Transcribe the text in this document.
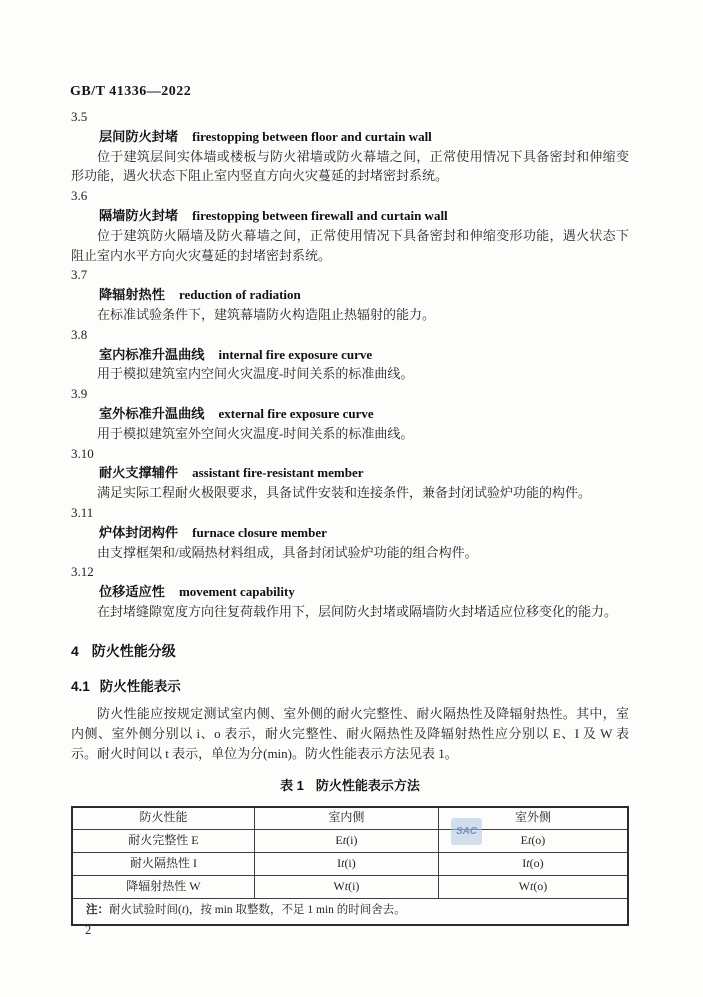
GB/T 41336—2022
3.5
层间防火封堵 firestopping between floor and curtain wall

位于建筑层间实体墙或楼板与防火裙墙或防火幕墙之间，正常使用情况下具备密封和伸缩变形功能，遇火状态下阻止室内竖直方向火灾蔓延的封堵密封系统。

3.6
隔墙防火封堵 firestopping between firewall and curtain wall

位于建筑防火隔墙及防火幕墙之间，正常使用情况下具备密封和伸缩变形功能，遇火状态下阻止室内水平方向火灾蔓延的封堵密封系统。

3.7
降辐射热性 reduction of radiation

在标准试验条件下，建筑幕墙防火构造阻止热辐射的能力。

3.8
室内标准升温曲线 internal fire exposure curve

用于模拟建筑室内空间火灾温度-时间关系的标准曲线。

3.9
室外标准升温曲线 external fire exposure curve

用于模拟建筑室外空间火灾温度-时间关系的标准曲线。

3.10
耐火支撑辅件 assistant fire-resistant member

满足实际工程耐火极限要求，具备试件安装和连接条件，兼备封闭试验炉功能的构件。

3.11
炉体封闭构件 furnace closure member

由支撑框架和/或隔热材料组成，具备封闭试验炉功能的组合构件。

3.12
位移适应性 movement capability

在封堵缝隙宽度方向往复荷载作用下，层间防火封堵或隔墙防火封堵适应位移变化的能力。

4 防火性能分级
4.1 防火性能表示

防火性能应按规定测试室内侧、室外侧的耐火完整性、耐火隔热性及降辐射热性。其中，室内侧、室外侧分别以 i、o 表示，耐火完整性、耐火隔热性及降辐射热性应分别以 E、I 及 W 表示。耐火时间以 t 表示，单位为分(min)。防火性能表示方法见表 1。

表 1 防火性能表示方法
防火性能	室内侧	室外侧
耐火完整性 E	Et(i)	Et(o)
耐火隔热性 I	It(i)	It(o)
降辐射热性 W	Wt(i)	Wt(o)
注：耐火试验时间(t)，按 min 取整数，不足 1 min 的时间舍去。		
SAC
2
